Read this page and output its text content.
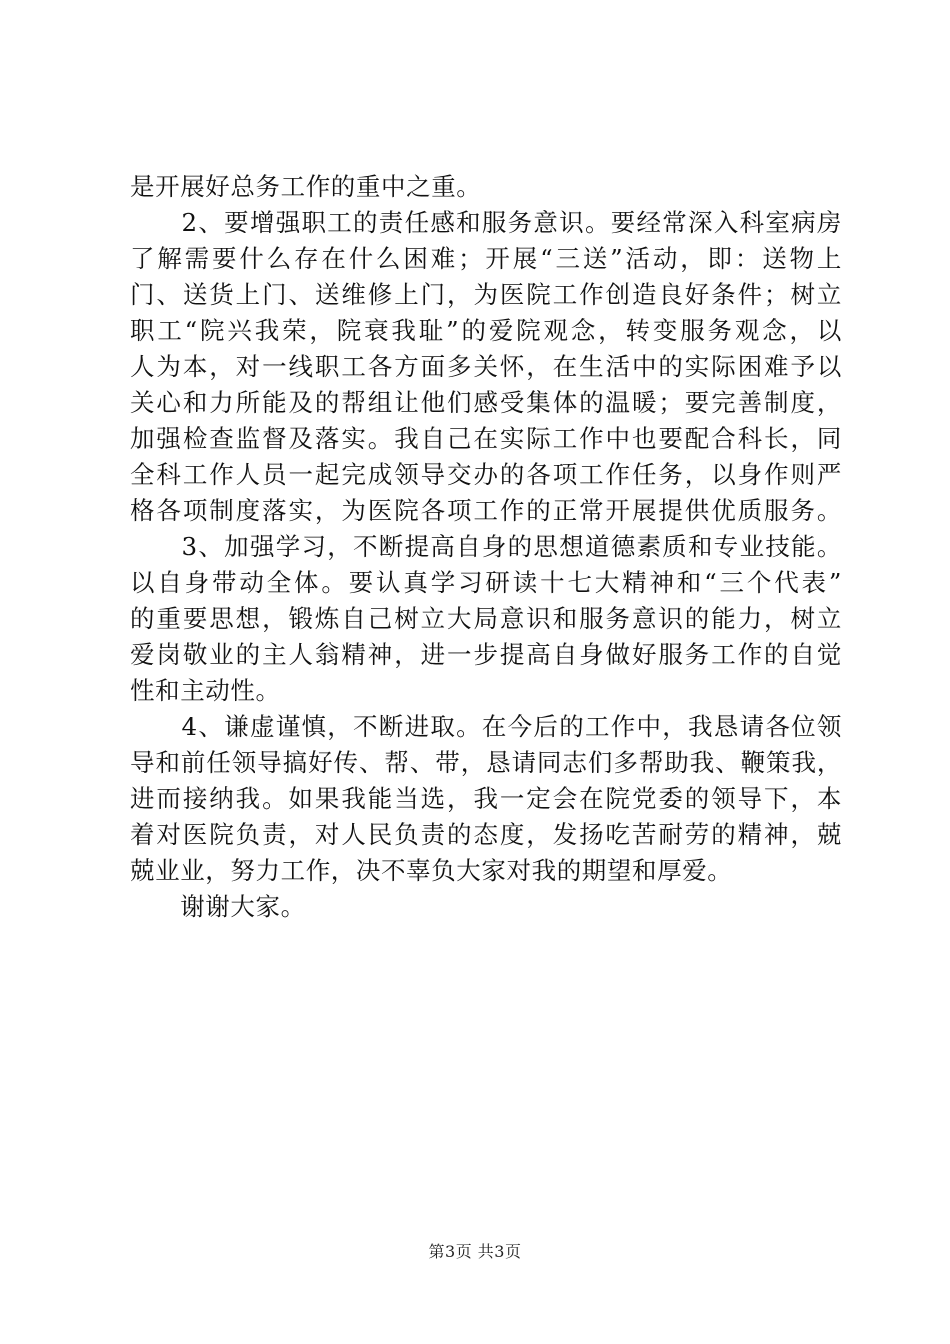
是开展好总务工作的重中之重。
　　2、要增强职工的责任感和服务意识。要经常深入科室病房
了解需要什么存在什么困难；开展“三送”活动，即：送物上
门、送货上门、送维修上门，为医院工作创造良好条件；树立
职工“院兴我荣，院衰我耻”的爱院观念，转变服务观念，以
人为本，对一线职工各方面多关怀，在生活中的实际困难予以
关心和力所能及的帮组让他们感受集体的温暖；要完善制度，
加强检查监督及落实。我自己在实际工作中也要配合科长，同
全科工作人员一起完成领导交办的各项工作任务，以身作则严
格各项制度落实，为医院各项工作的正常开展提供优质服务。
　　3、加强学习，不断提高自身的思想道德素质和专业技能。
以自身带动全体。要认真学习研读十七大精神和“三个代表”
的重要思想，锻炼自己树立大局意识和服务意识的能力，树立
爱岗敬业的主人翁精神，进一步提高自身做好服务工作的自觉
性和主动性。
　　4、谦虚谨慎，不断进取。在今后的工作中，我恳请各位领
导和前任领导搞好传、帮、带，恳请同志们多帮助我、鞭策我，
进而接纳我。如果我能当选，我一定会在院党委的领导下，本
着对医院负责，对人民负责的态度，发扬吃苦耐劳的精神，兢
兢业业，努力工作，决不辜负大家对我的期望和厚爱。
　　谢谢大家。
第3页 共3页
